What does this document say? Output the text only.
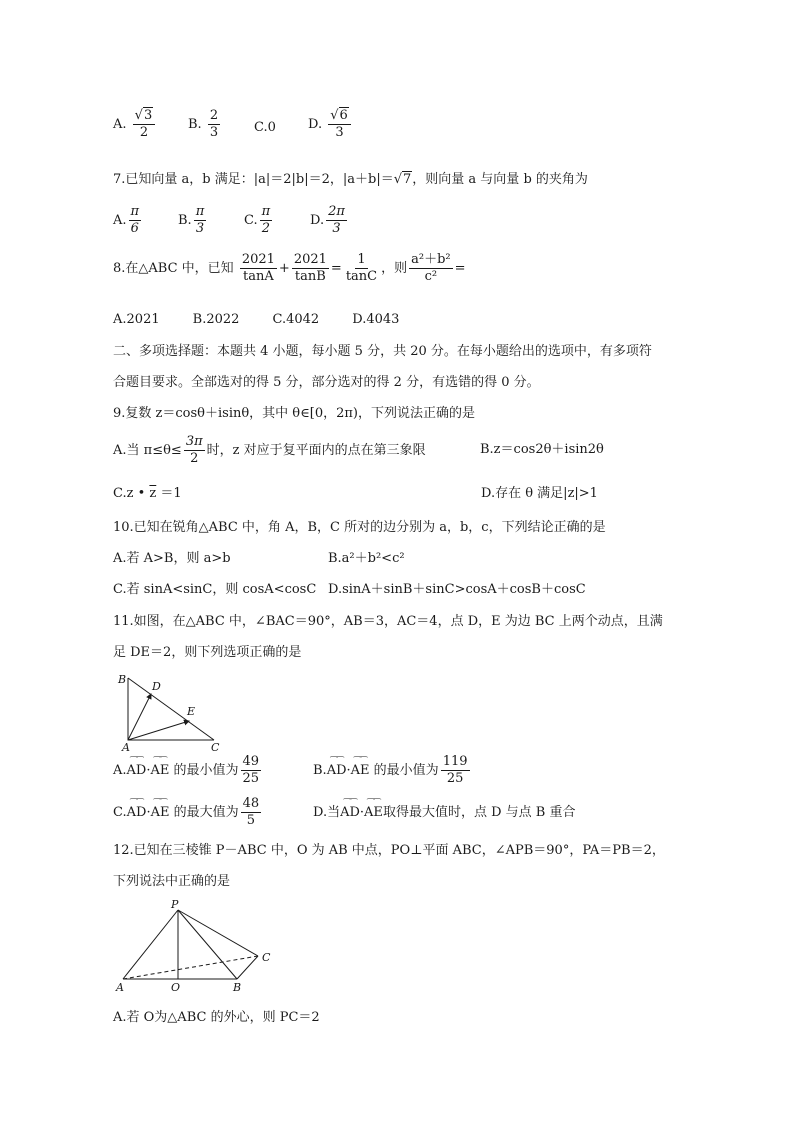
A. $\frac{√3}{2}$	B. $\frac{2}{3}$	C.0 D. $\frac{√6}{3}$
7.已知向量 a，b 满足：|a|＝2|b|＝2，|a＋b|＝√7，则向量 a 与向量 b 的夹角为
A. $\frac{\pi}{6}$	B. $\frac{\pi}{3}$	C. $\frac{\pi}{2}$	D. $\frac{2\pi}{3}$
8.在△ABC 中，已知 $\frac{2021}{\tan A} + \frac{2021}{\tan B} = \frac{1}{\tan C}$ ，则 $\frac{\text{a²＋b²}}{\text{c²}}$ =
A.2021        B.2022        C.4042        D.4043
二、多项选择题：本题共 4 小题，每小题 5 分，共 20 分。在每小题给出的选项中，有多项符
合题目要求。全部选对的得 5 分，部分选对的得 2 分，有选错的得 0 分。
9.复数 z＝cosθ＋isinθ，其中 θ∈[0，2π)，下列说法正确的是
A.当 $\pi\le\theta\le \frac{3\pi}{2}$ 时，z 对应于复平面内的点在第三象限	B.z＝cos2θ＋isin2θ
C.z • $\overline{z} =1$	D.存在 θ 满足|z|>1
10.已知在锐角△ABC 中，角 A，B，C 所对的边分别为 a，b，c，下列结论正确的是
A.若 A>B，则 a>b	B.a²＋b²<c²
C.若 sinA<sinC，则 cosA<cosC D.sinA＋sinB＋sinC>cosA＋cosB＋cosC
11.如图，在△ABC 中，∠BAC＝90°，AB＝3，AC＝4，点 D，E 为边 BC 上两个动点，且满
足 DE＝2，则下列选项正确的是
B
D
E
A	C
A.⁀⁀ AD·⁀⁀ AE 的最小值为 $\frac{49}{25}$	B.⁀⁀ AD·⁀⁀ AE 的最小值为 $\frac{119}{25}$
C.⁀⁀ AD·⁀⁀ AE 的最大值为 $\frac{48}{5}$	D.当⁀⁀ AD·⁀⁀ AE取得最大值时，点 D 与点 B 重合
12.已知在三棱锥 P－ABC 中，O 为 AB 中点，PO⊥平面 ABC，∠APB＝90°，PA＝PB＝2，
下列说法中正确的是
P
C
A	O	B
A.若 O为△ABC 的外心，则 PC＝2
